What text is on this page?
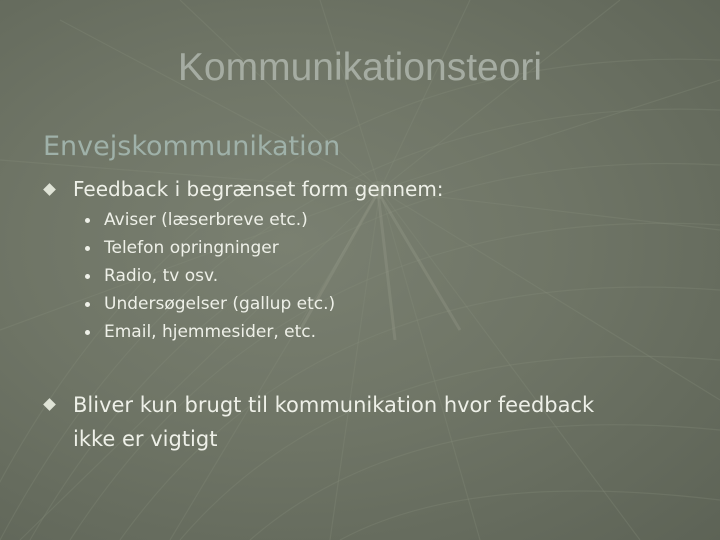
Kommunikationsteori
Envejskommunikation
Feedback i begrænset form gennem:
Aviser (læserbreve etc.)
Telefon opringninger
Radio, tv osv.
Undersøgelser (gallup etc.)
Email, hjemmesider, etc.
Bliver kun brugt til kommunikation hvor feedback
ikke er vigtigt
